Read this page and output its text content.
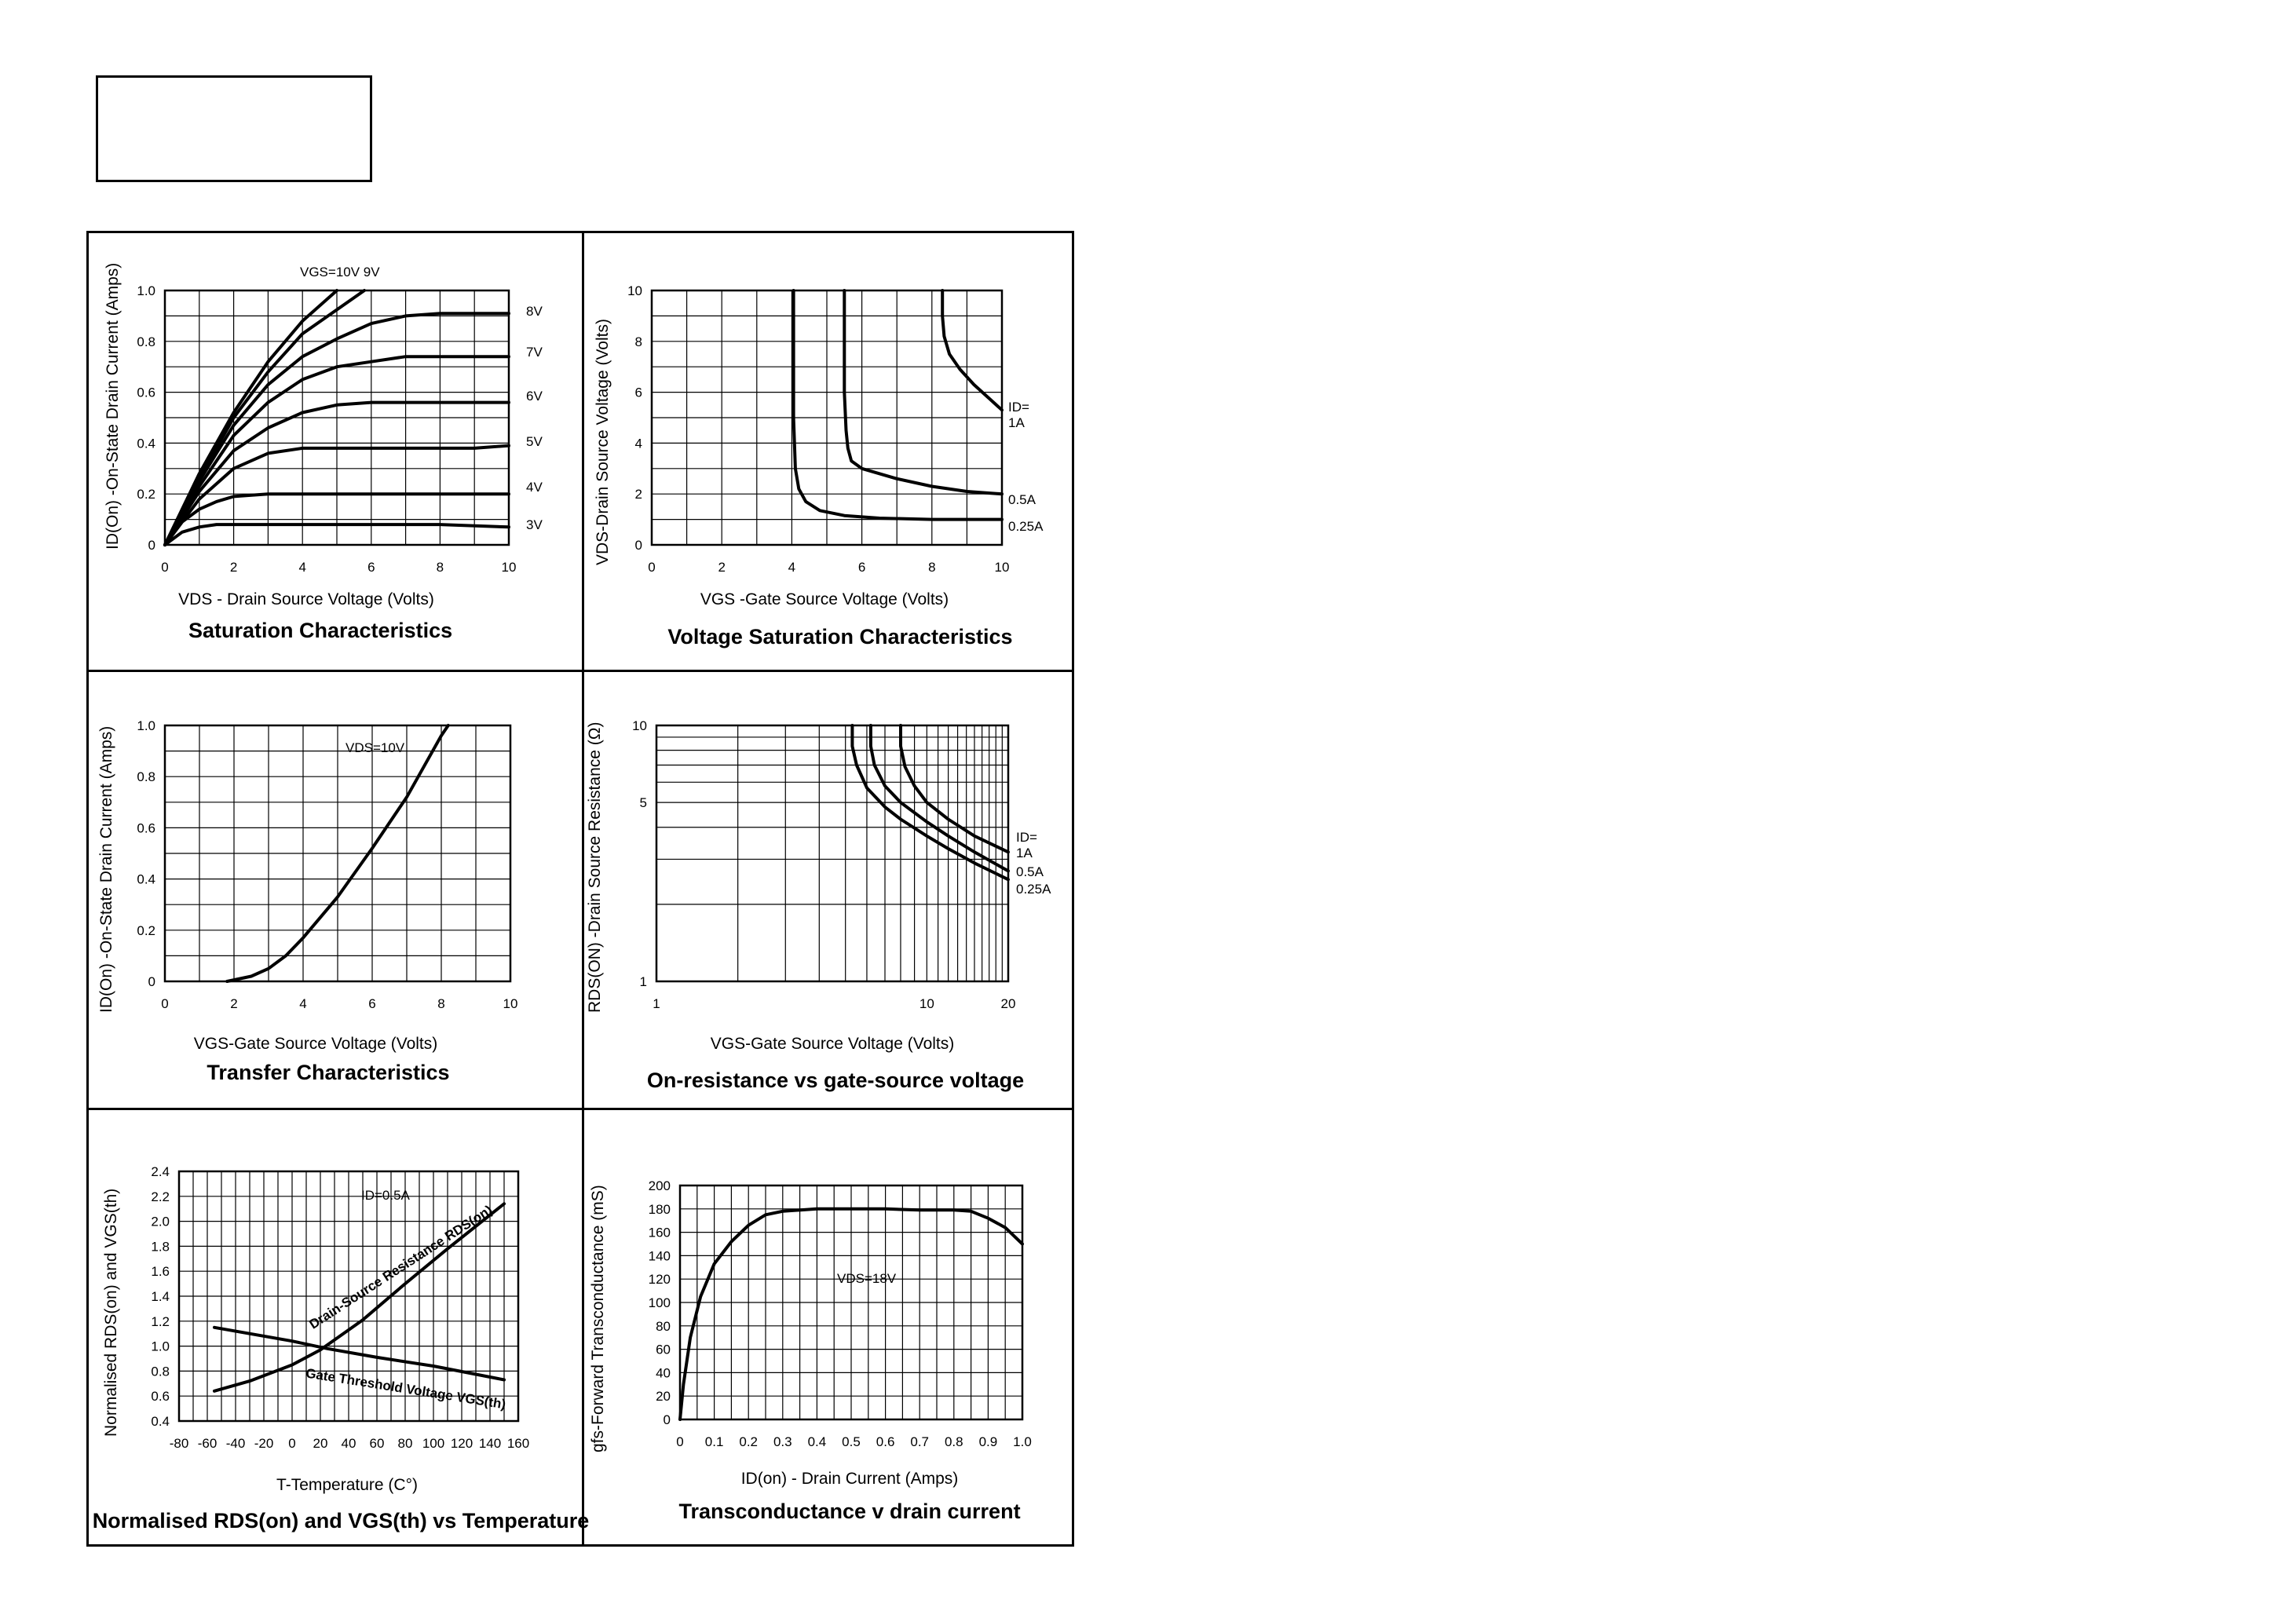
0	2	4	6	8	10
0
0.2
0.4
0.6
0.8
1.0
VDS - Drain Source Voltage (Volts)
ID(On) -On-State Drain Current (Amps)
Saturation Characteristics
VGS=10V 9V
8V
7V
6V
5V
4V
3V
0	2	4	6	8	10
0
2
4
6
8
10
VGS -Gate Source Voltage (Volts)
VDS-Drain Source Voltage (Volts)
Voltage Saturation Characteristics
ID=
1A
0.5A
0.25A
0	2	4	6	8	10
0
0.2
0.4
0.6
0.8
1.0
VGS-Gate Source Voltage (Volts)
ID(On) -On-State Drain Current (Amps)
Transfer Characteristics
VDS=10V
1	10	20
1
5
10
VGS-Gate Source Voltage (Volts)
RDS(ON) -Drain Source Resistance (Ω)
On-resistance vs gate-source voltage
ID=
1A
0.5A
0.25A
-80 -60 -40 -20 0 20 40 60 80 100 120 140 160
0.4
0.6
0.8
1.0
1.2
1.4
1.6
1.8
2.0
2.2
2.4
T-Temperature (C°)
Normalised RDS(on) and VGS(th)
Normalised RDS(on) and VGS(th) vs Temperature
ID=0.5A
Drain-Source Resistance RDS(on)
Gate Threshold Voltage VGS(th)
0 0.1 0.2 0.3 0.4 0.5 0.6 0.7 0.8 0.9 1.0
0
20
40
60
80
100
120
140
160
180
200
ID(on) - Drain Current (Amps)
gfs-Forward Transconductance (mS)
Transconductance v drain current
VDS=18V
